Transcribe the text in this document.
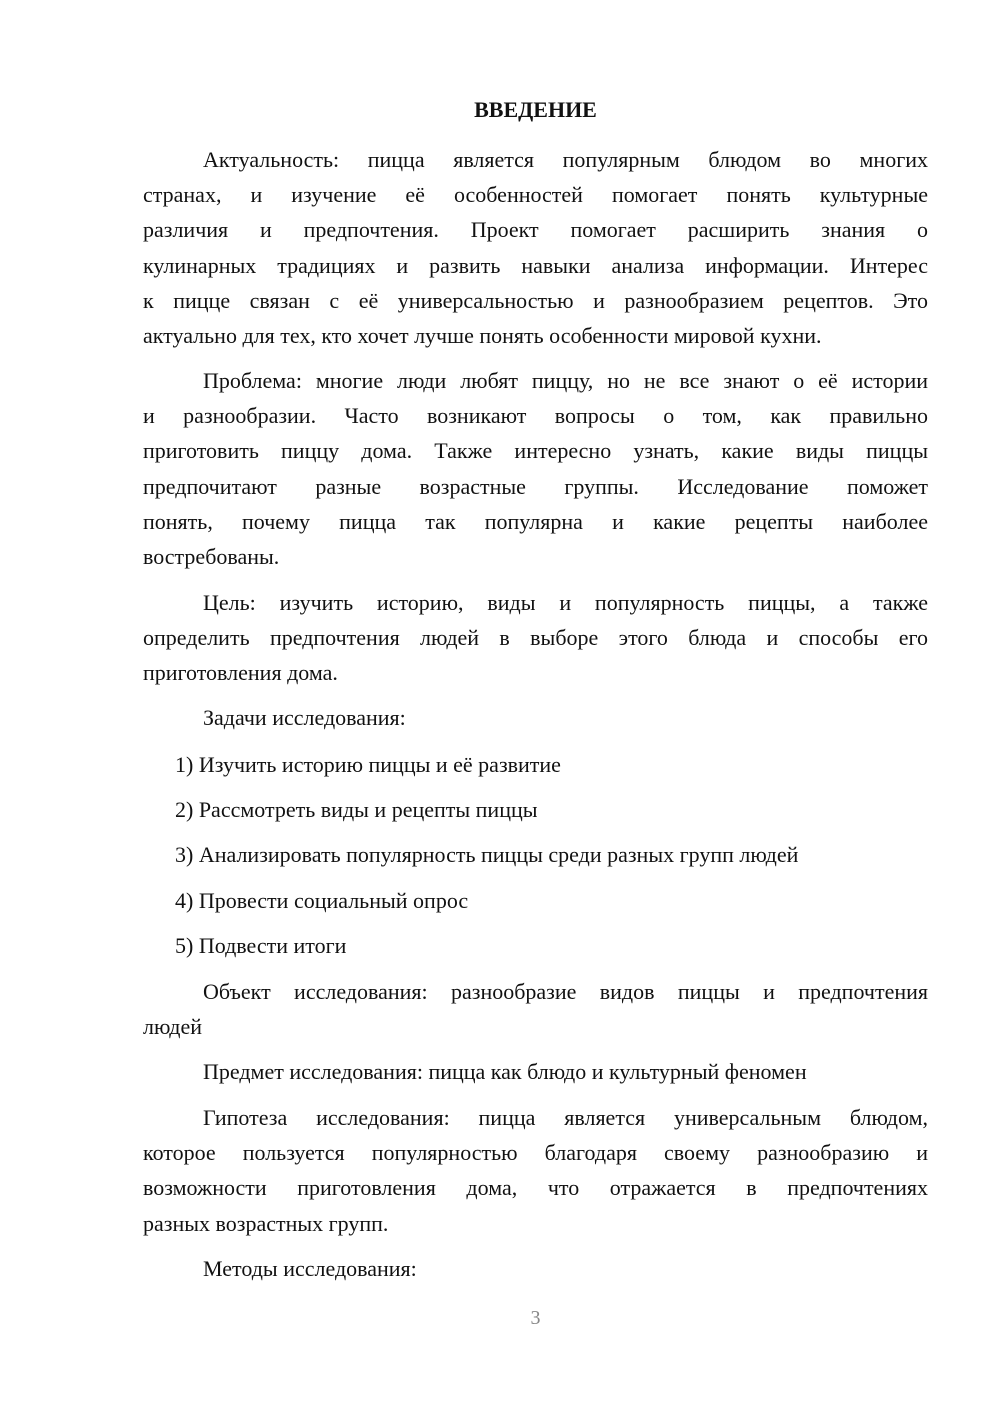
ВВЕДЕНИЕ
Актуальность: пицца является популярным блюдом во многих
странах, и изучение её особенностей помогает понять культурные
различия и предпочтения. Проект помогает расширить знания о
кулинарных традициях и развить навыки анализа информации. Интерес
к пицце связан с её универсальностью и разнообразием рецептов. Это
актуально для тех, кто хочет лучше понять особенности мировой кухни.
Проблема: многие люди любят пиццу, но не все знают о её истории
и разнообразии. Часто возникают вопросы о том, как правильно
приготовить пиццу дома. Также интересно узнать, какие виды пиццы
предпочитают разные возрастные группы. Исследование поможет
понять, почему пицца так популярна и какие рецепты наиболее
востребованы.
Цель: изучить историю, виды и популярность пиццы, а также
определить предпочтения людей в выборе этого блюда и способы его
приготовления дома.
Задачи исследования:
1) Изучить историю пиццы и её развитие
2) Рассмотреть виды и рецепты пиццы
3) Анализировать популярность пиццы среди разных групп людей
4) Провести социальный опрос
5) Подвести итоги
Объект исследования: разнообразие видов пиццы и предпочтения
людей
Предмет исследования: пицца как блюдо и культурный феномен
Гипотеза исследования: пицца является универсальным блюдом,
которое пользуется популярностью благодаря своему разнообразию и
возможности приготовления дома, что отражается в предпочтениях
разных возрастных групп.
Методы исследования:
3
